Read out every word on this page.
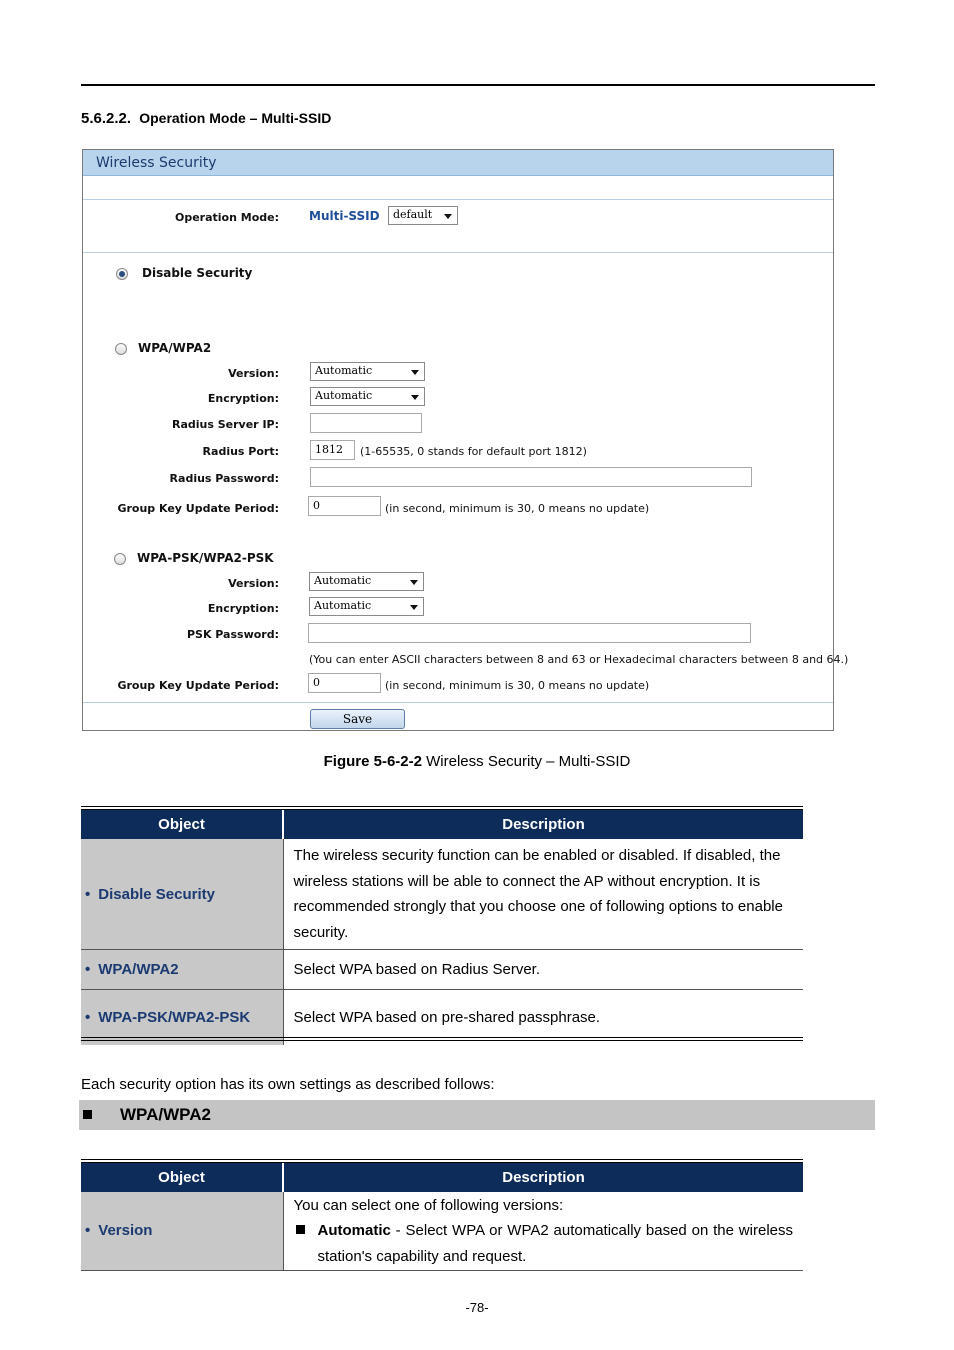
5.6.2.2. Operation Mode – Multi-SSID
Wireless Security
Operation Mode:	Multi-SSID	default
Disable Security
WPA/WPA2
Version:	Automatic
Encryption:	Automatic
Radius Server IP:
Radius Port:	1812	(1-65535, 0 stands for default port 1812)
Radius Password:
Group Key Update Period:	0	(in second, minimum is 30, 0 means no update)
WPA-PSK/WPA2-PSK
Version:	Automatic
Encryption:	Automatic
PSK Password:
(You can enter ASCII characters between 8 and 63 or Hexadecimal characters between 8 and 64.)
Group Key Update Period:	0	(in second, minimum is 30, 0 means no update)
Save
Figure 5-6-2-2 Wireless Security – Multi-SSID
Object	Description
• Disable Security	The wireless security function can be enabled or disabled. If disabled, the wireless stations will be able to connect the AP without encryption. It is recommended strongly that you choose one of following options to enable security.
• WPA/WPA2	Select WPA based on Radius Server.
• WPA-PSK/WPA2-PSK	Select WPA based on pre-shared passphrase.
Each security option has its own settings as described follows:
WPA/WPA2
Object	Description
• Version	You can select one of following versions:
Automatic - Select WPA or WPA2 automatically based on the wireless station's capability and request.
-78-
